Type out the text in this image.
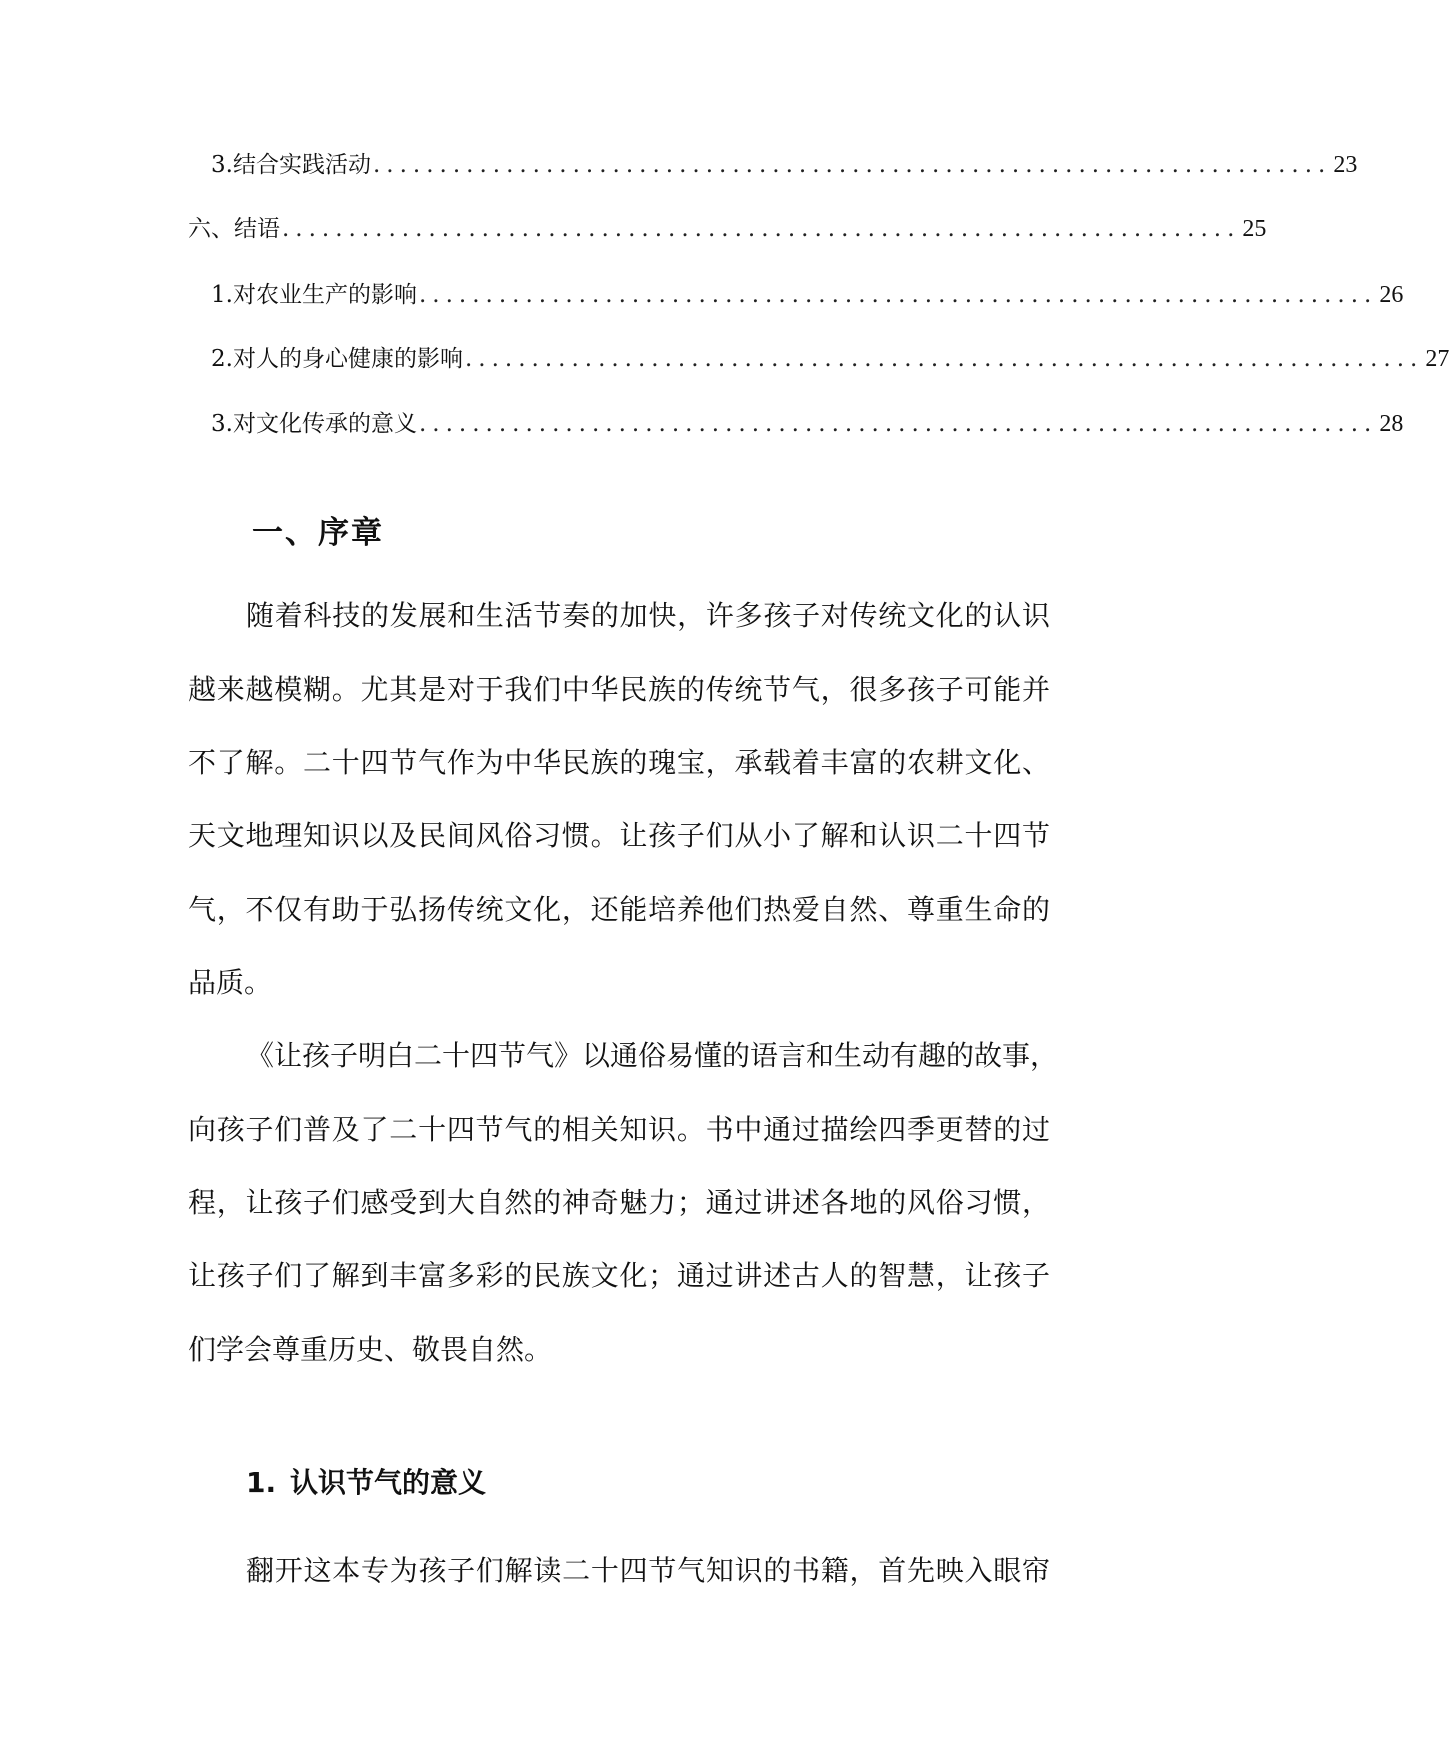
3. 结合实践活动 ........................................................................ 23
六、结语 ........................................................................ 25
1. 对农业生产的影响 ........................................................................ 26
2. 对人的身心健康的影响 ........................................................................ 27
3. 对文化传承的意义 ........................................................................ 28
一、序章
随着科技的发展和生活节奏的加快，许多孩子对传统文化的认识
越来越模糊。尤其是对于我们中华民族的传统节气，很多孩子可能并
不了解。二十四节气作为中华民族的瑰宝，承载着丰富的农耕文化、
天文地理知识以及民间风俗习惯。让孩子们从小了解和认识二十四节
气，不仅有助于弘扬传统文化，还能培养他们热爱自然、尊重生命的
品质。
《让孩子明白二十四节气》以通俗易懂的语言和生动有趣的故事，
向孩子们普及了二十四节气的相关知识。书中通过描绘四季更替的过
程，让孩子们感受到大自然的神奇魅力；通过讲述各地的风俗习惯，
让孩子们了解到丰富多彩的民族文化；通过讲述古人的智慧，让孩子
们学会尊重历史、敬畏自然。
1. 认识节气的意义
翻开这本专为孩子们解读二十四节气知识的书籍，首先映入眼帘
